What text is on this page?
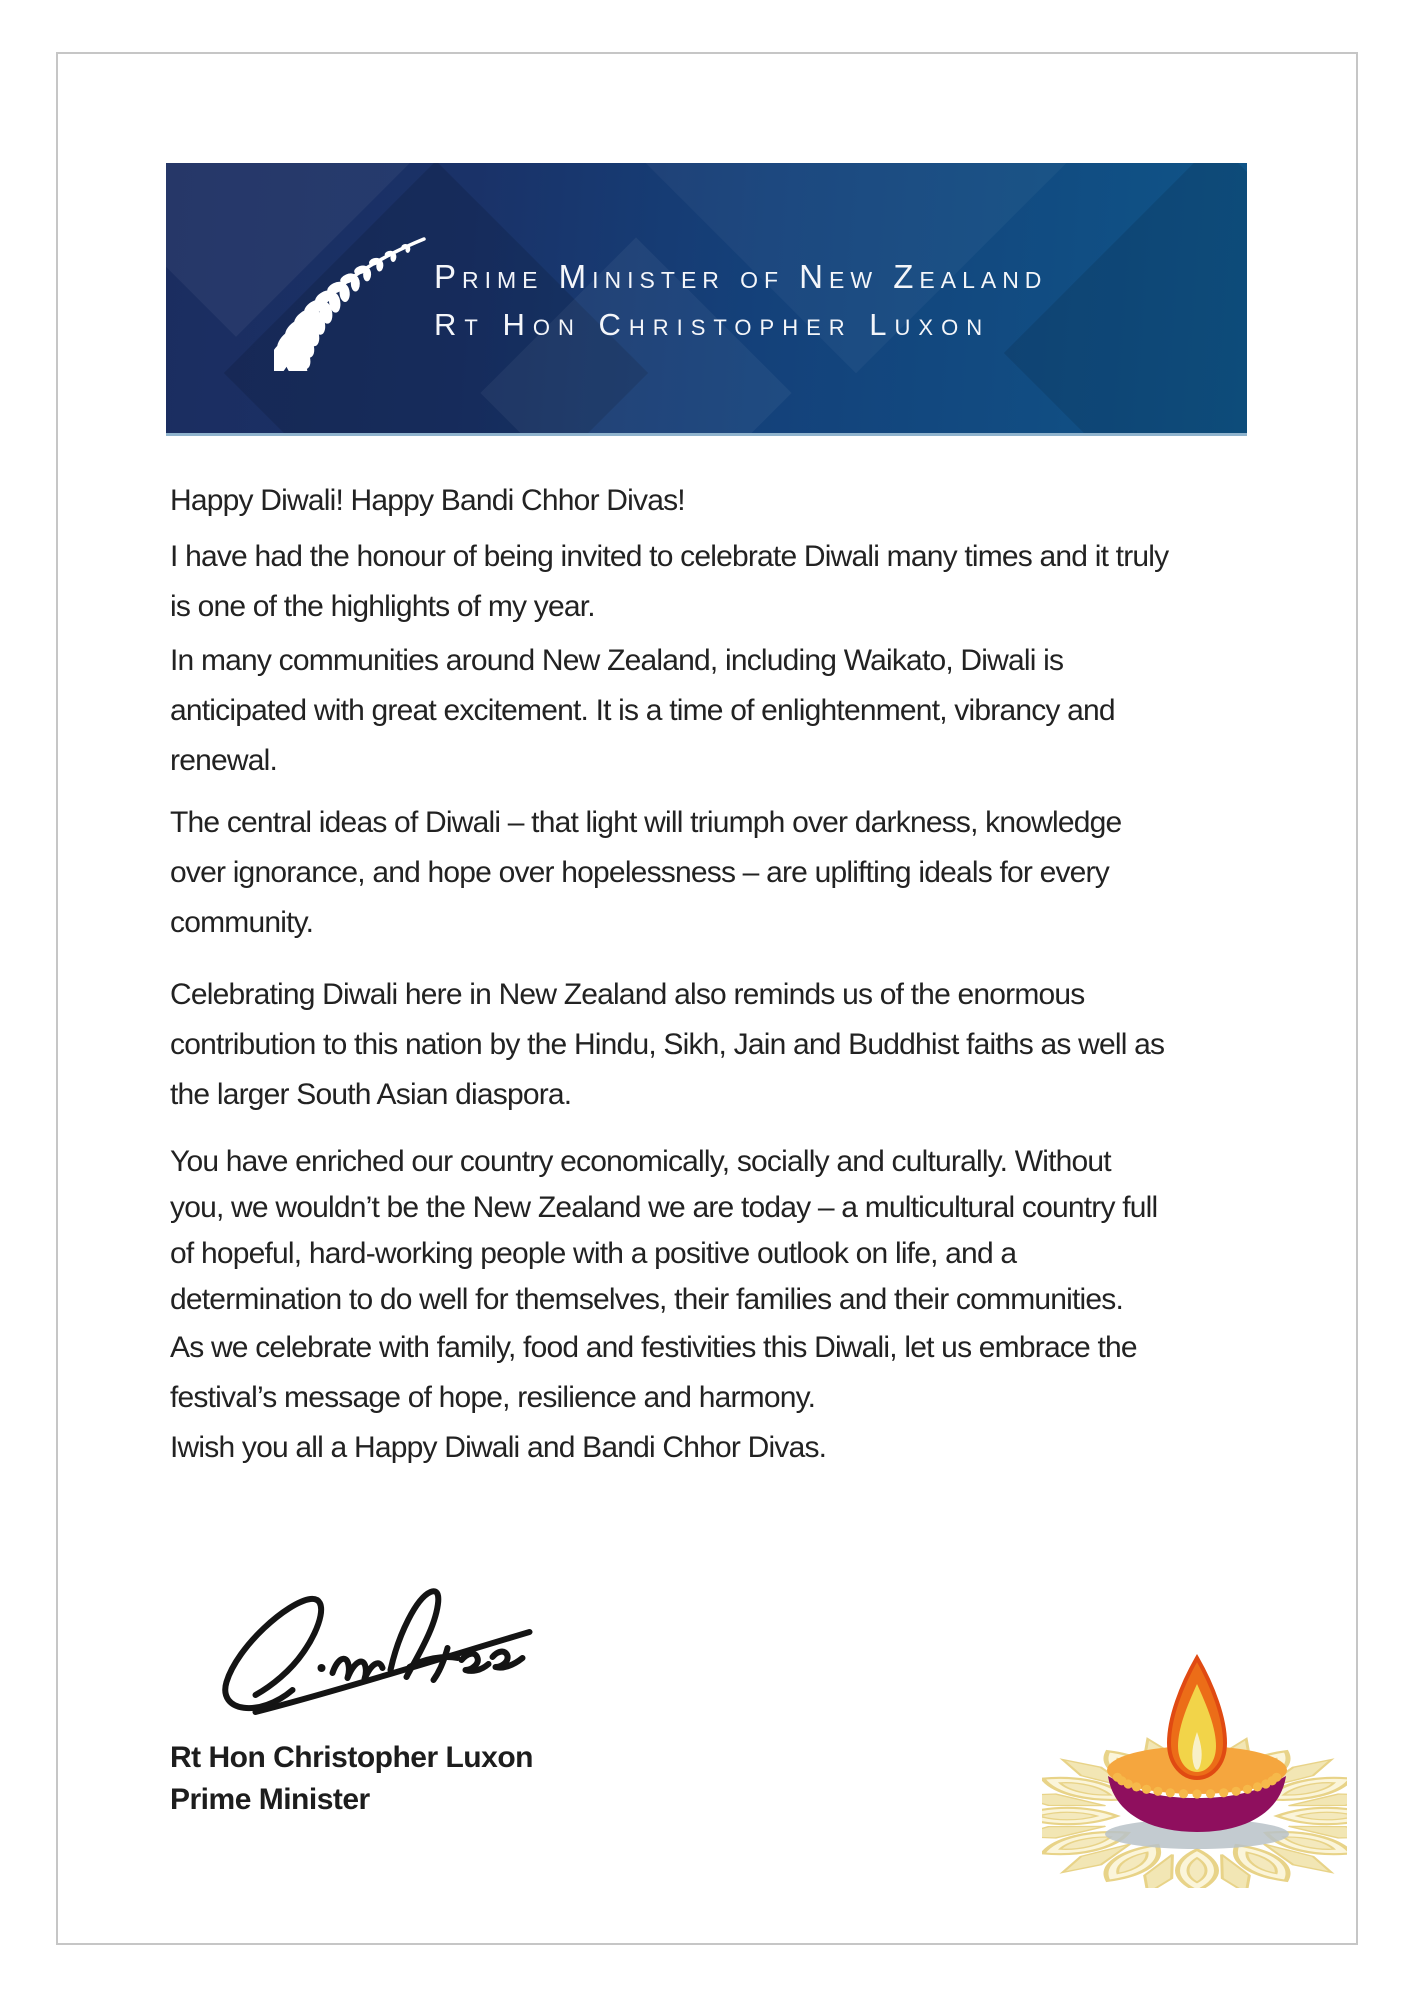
Prime Minister of New Zealand
Rt Hon Christopher Luxon
Happy Diwali! Happy Bandi Chhor Divas!
I have had the honour of being invited to celebrate Diwali many times and it truly
is one of the highlights of my year.
In many communities around New Zealand, including Waikato, Diwali is
anticipated with great excitement. It is a time of enlightenment, vibrancy and
renewal.
The central ideas of Diwali – that light will triumph over darkness, knowledge
over ignorance, and hope over hopelessness – are uplifting ideals for every
community.
Celebrating Diwali here in New Zealand also reminds us of the enormous
contribution to this nation by the Hindu, Sikh, Jain and Buddhist faiths as well as
the larger South Asian diaspora.
You have enriched our country economically, socially and culturally. Without
you, we wouldn’t be the New Zealand we are today – a multicultural country full
of hopeful, hard-working people with a positive outlook on life, and a
determination to do well for themselves, their families and their communities.
As we celebrate with family, food and festivities this Diwali, let us embrace the
festival’s message of hope, resilience and harmony.
Iwish you all a Happy Diwali and Bandi Chhor Divas.
Rt Hon Christopher Luxon
Prime Minister
